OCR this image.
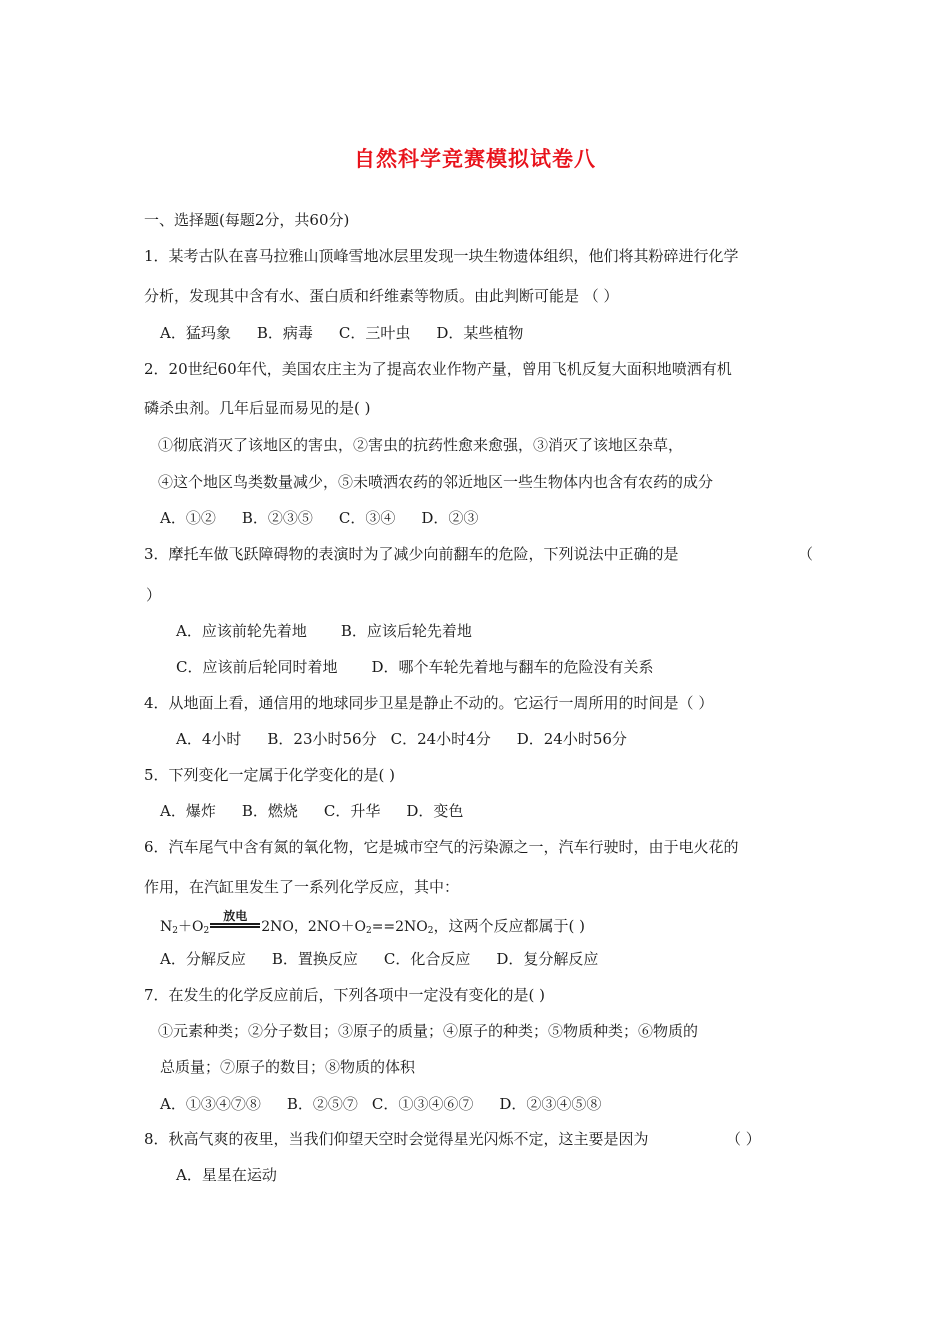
自然科学竞赛模拟试卷八
一、选择题(每题2分，共60分)
1．某考古队在喜马拉雅山顶峰雪地冰层里发现一块生物遗体组织，他们将其粉碎进行化学
分析，发现其中含有水、蛋白质和纤维素等物质。由此判断可能是 （ ）
A．猛玛象 B．病毒 C．三叶虫 D．某些植物
2．20世纪60年代，美国农庄主为了提高农业作物产量，曾用飞机反复大面积地喷洒有机
磷杀虫剂。几年后显而易见的是( )
①彻底消灭了该地区的害虫，②害虫的抗药性愈来愈强，③消灭了该地区杂草，
④这个地区鸟类数量减少，⑤未喷洒农药的邻近地区一些生物体内也含有农药的成分
A．①② B．②③⑤ C．③④ D．②③
3．摩托车做飞跃障碍物的表演时为了减少向前翻车的危险，下列说法中正确的是	（
）
A．应该前轮先着地 B．应该后轮先着地
C．应该前后轮同时着地 D．哪个车轮先着地与翻车的危险没有关系
4．从地面上看，通信用的地球同步卫星是静止不动的。它运行一周所用的时间是（ ）
A．4小时 B．23小时56分 C．24小时4分 D．24小时56分
5．下列变化一定属于化学变化的是( )
A．爆炸 B．燃烧 C．升华 D．变色
6．汽车尾气中含有氮的氧化物，它是城市空气的污染源之一，汽车行驶时，由于电火花的
作用，在汽缸里发生了一系列化学反应，其中：
$N_2+O_2$
放电
2NO，$2NO+O_2==2NO_2$，这两个反应都属于( )
A．分解反应 B．置换反应 C．化合反应 D．复分解反应
7．在发生的化学反应前后，下列各项中一定没有变化的是( )
①元素种类；②分子数目；③原子的质量；④原子的种类；⑤物质种类；⑥物质的
总质量；⑦原子的数目；⑧物质的体积
A．①③④⑦⑧ B．②⑤⑦ C．①③④⑥⑦ D．②③④⑤⑧
8．秋高气爽的夜里，当我们仰望天空时会觉得星光闪烁不定，这主要是因为	（ ）
A．星星在运动
